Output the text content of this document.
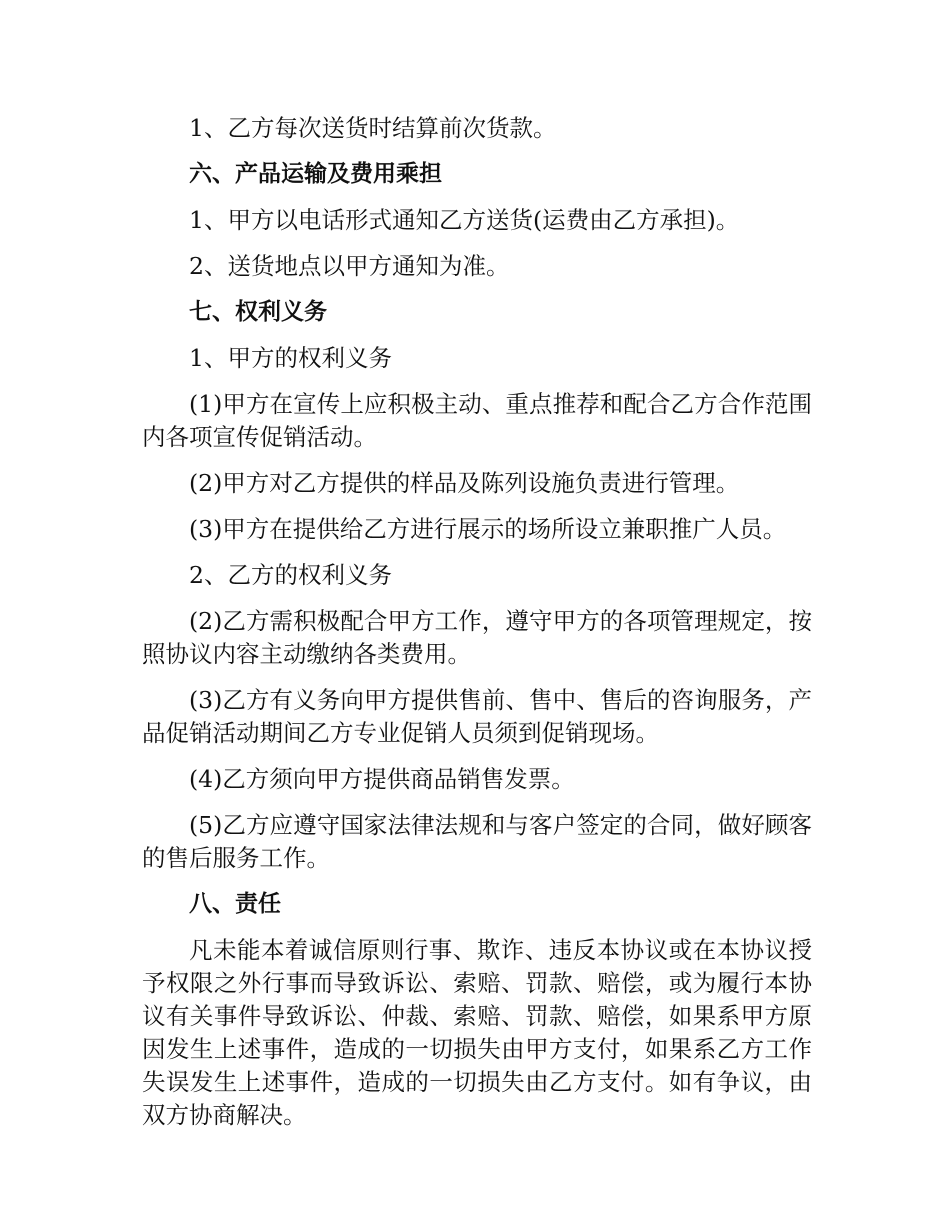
1、乙方每次送货时结算前次货款。

六、产品运输及费用乘担

1、甲方以电话形式通知乙方送货(运费由乙方承担)。

2、送货地点以甲方通知为准。

七、权利义务

1、甲方的权利义务

(1)甲方在宣传上应积极主动、重点推荐和配合乙方合作范围内各项宣传促销活动。

(2)甲方对乙方提供的样品及陈列设施负责进行管理。

(3)甲方在提供给乙方进行展示的场所设立兼职推广人员。

2、乙方的权利义务

(2)乙方需积极配合甲方工作，遵守甲方的各项管理规定，按照协议内容主动缴纳各类费用。

(3)乙方有义务向甲方提供售前、售中、售后的咨询服务，产品促销活动期间乙方专业促销人员须到促销现场。

(4)乙方须向甲方提供商品销售发票。

(5)乙方应遵守国家法律法规和与客户签定的合同，做好顾客的售后服务工作。

八、责任

凡未能本着诚信原则行事、欺诈、违反本协议或在本协议授予权限之外行事而导致诉讼、索赔、罚款、赔偿，或为履行本协议有关事件导致诉讼、仲裁、索赔、罚款、赔偿，如果系甲方原因发生上述事件，造成的一切损失由甲方支付，如果系乙方工作失误发生上述事件，造成的一切损失由乙方支付。如有争议，由双方协商解决。
